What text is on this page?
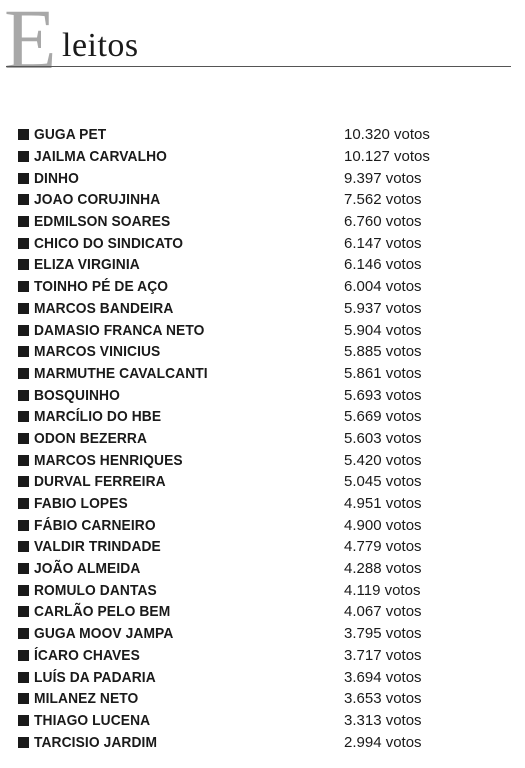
E leitos
GUGA PET	10.320 votos
JAILMA CARVALHO	10.127 votos
DINHO	9.397 votos
JOAO CORUJINHA	7.562 votos
EDMILSON SOARES	6.760 votos
CHICO DO SINDICATO	6.147 votos
ELIZA VIRGINIA	6.146 votos
TOINHO PÉ DE AÇO	6.004 votos
MARCOS BANDEIRA	5.937 votos
DAMASIO FRANCA NETO	5.904 votos
MARCOS VINICIUS	5.885 votos
MARMUTHE CAVALCANTI	5.861 votos
BOSQUINHO	5.693 votos
MARCÍLIO DO HBE	5.669 votos
ODON BEZERRA	5.603 votos
MARCOS HENRIQUES	5.420 votos
DURVAL FERREIRA	5.045 votos
FABIO LOPES	4.951 votos
FÁBIO CARNEIRO	4.900 votos
VALDIR TRINDADE	4.779 votos
JOÃO ALMEIDA	4.288 votos
ROMULO DANTAS	4.119 votos
CARLÃO PELO BEM	4.067 votos
GUGA MOOV JAMPA	3.795 votos
ÍCARO CHAVES	3.717 votos
LUÍS DA PADARIA	3.694 votos
MILANEZ NETO	3.653 votos
THIAGO LUCENA	3.313 votos
TARCISIO JARDIM	2.994 votos
